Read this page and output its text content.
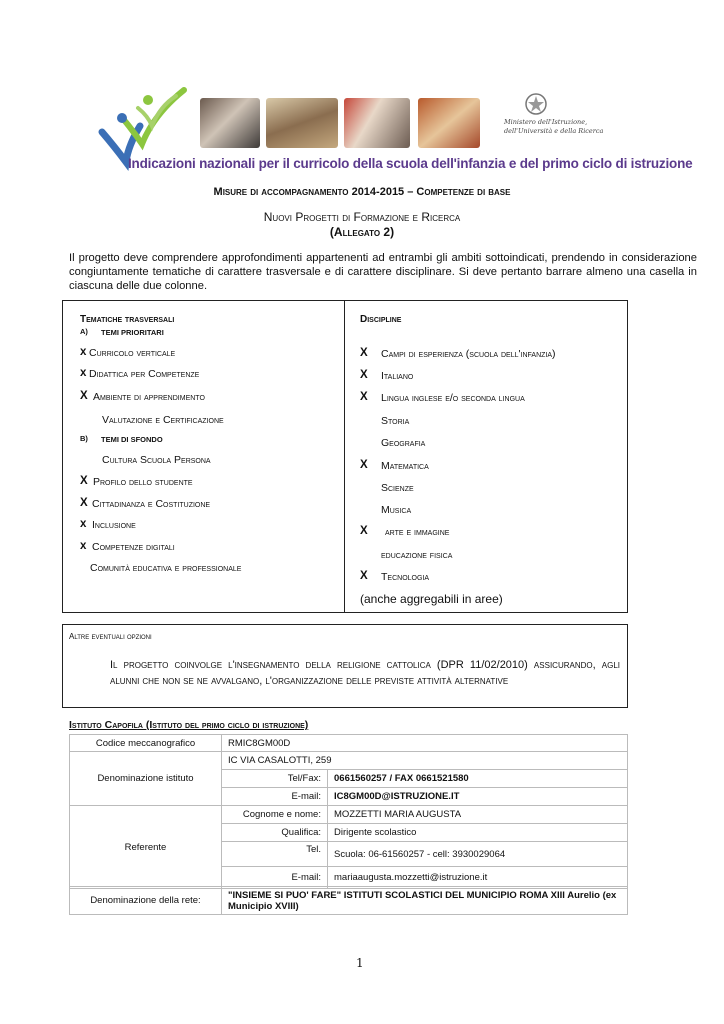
Ministero dell'Istruzione,
dell'Università e della Ricerca
Indicazioni nazionali per il curricolo della scuola dell'infanzia e del primo ciclo di istruzione
Misure di accompagnamento 2014-2015 – Competenze di base
Nuovi Progetti di Formazione e Ricerca
(Allegato 2)
Il progetto deve comprendere approfondimenti appartenenti ad entrambi gli ambiti sottoindicati, prendendo in considerazione congiuntamente tematiche di carattere trasversale e di carattere disciplinare. Si deve pertanto barrare almeno una casella in ciascuna delle due colonne.
Tematiche trasversali
A) TEMI PRIORITARI
x Curricolo verticale
x Didattica per Competenze
X Ambiente di apprendimento
Valutazione e Certificazione
B) TEMI DI SFONDO
Cultura Scuola Persona
X Profilo dello studente
X Cittadinanza e Costituzione
x Inclusione
x Competenze digitali
Comunità educativa e professionale
Discipline
X Campi di esperienza (scuola dell'infanzia)
X Italiano
X Lingua inglese e/o seconda lingua
Storia
Geografia
X Matematica
Scienze
Musica
X arte e immagine
educazione fisica
X Tecnologia
(anche aggregabili in aree)
Altre eventuali opzioni
Il progetto coinvolge l'insegnamento della religione cattolica (DPR 11/02/2010) assicurando, agli alunni che non se ne avvalgano, l'organizzazione delle previste attività alternative
Istituto Capofila (Istituto del primo ciclo di istruzione)
Codice meccanografico	RMIC8GM00D	
Denominazione istituto	IC VIA CASALOTTI, 259	
	Tel/Fax:	0661560257 / FAX 0661521580
	E-mail:	IC8GM00D@ISTRUZIONE.IT
Referente	Cognome e nome:	MOZZETTI MARIA AUGUSTA
	Qualifica:	Dirigente scolastico
	Tel.	Scuola: 06-61560257 - cell: 3930029064
	E-mail:	mariaaugusta.mozzetti@istruzione.it
Denominazione della rete:	"INSIEME SI PUO' FARE" ISTITUTI SCOLASTICI DEL MUNICIPIO ROMA XIII Aurelio (ex Municipio XVIII)
1
